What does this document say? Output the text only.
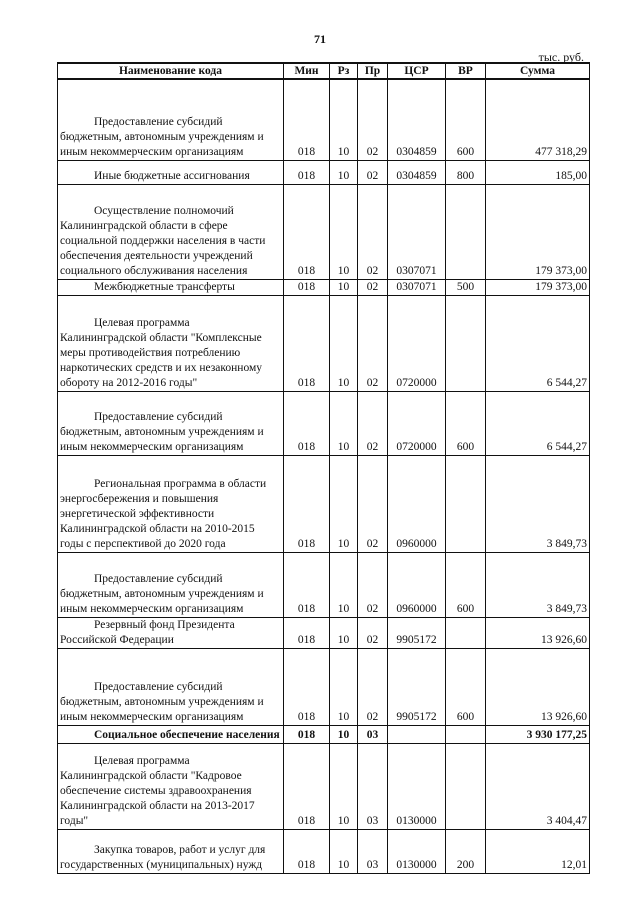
71
тыс. руб.
Наименование кода	Мин	Рз	Пр	ЦСР	ВР	Сумма

Предоставление субсидий
бюджетным, автономным учреждениям и
иным некоммерческим организациям	018	10	02	0304859	600	477 318,29

Иные бюджетные ассигнования	018	10	02	0304859	800	185,00

Осуществление полномочий
Калининградской области в сфере
социальной поддержки населения в части
обеспечения деятельности учреждений
социального обслуживания населения	018	10	02	0307071		179 373,00

Межбюджетные трансферты	018	10	02	0307071	500	179 373,00

Целевая программа
Калининградской области "Комплексные
меры противодействия потреблению
наркотических средств и их незаконному
обороту на 2012-2016 годы"	018	10	02	0720000		6 544,27

Предоставление субсидий
бюджетным, автономным учреждениям и
иным некоммерческим организациям	018	10	02	0720000	600	6 544,27

Региональная программа в области
энергосбережения и повышения
энергетической эффективности
Калининградской области на 2010-2015
годы с перспективой до 2020 года	018	10	02	0960000		3 849,73

Предоставление субсидий
бюджетным, автономным учреждениям и
иным некоммерческим организациям	018	10	02	0960000	600	3 849,73

Резервный фонд Президента
Российской Федерации	018	10	02	9905172		13 926,60

Предоставление субсидий
бюджетным, автономным учреждениям и
иным некоммерческим организациям	018	10	02	9905172	600	13 926,60

Социальное обеспечение населения	018	10	03			3 930 177,25

Целевая программа
Калининградской области "Кадровое
обеспечение системы здравоохранения
Калининградской области на 2013-2017
годы"	018	10	03	0130000		3 404,47

Закупка товаров, работ и услуг для
государственных (муниципальных) нужд	018	10	03	0130000	200	12,01
